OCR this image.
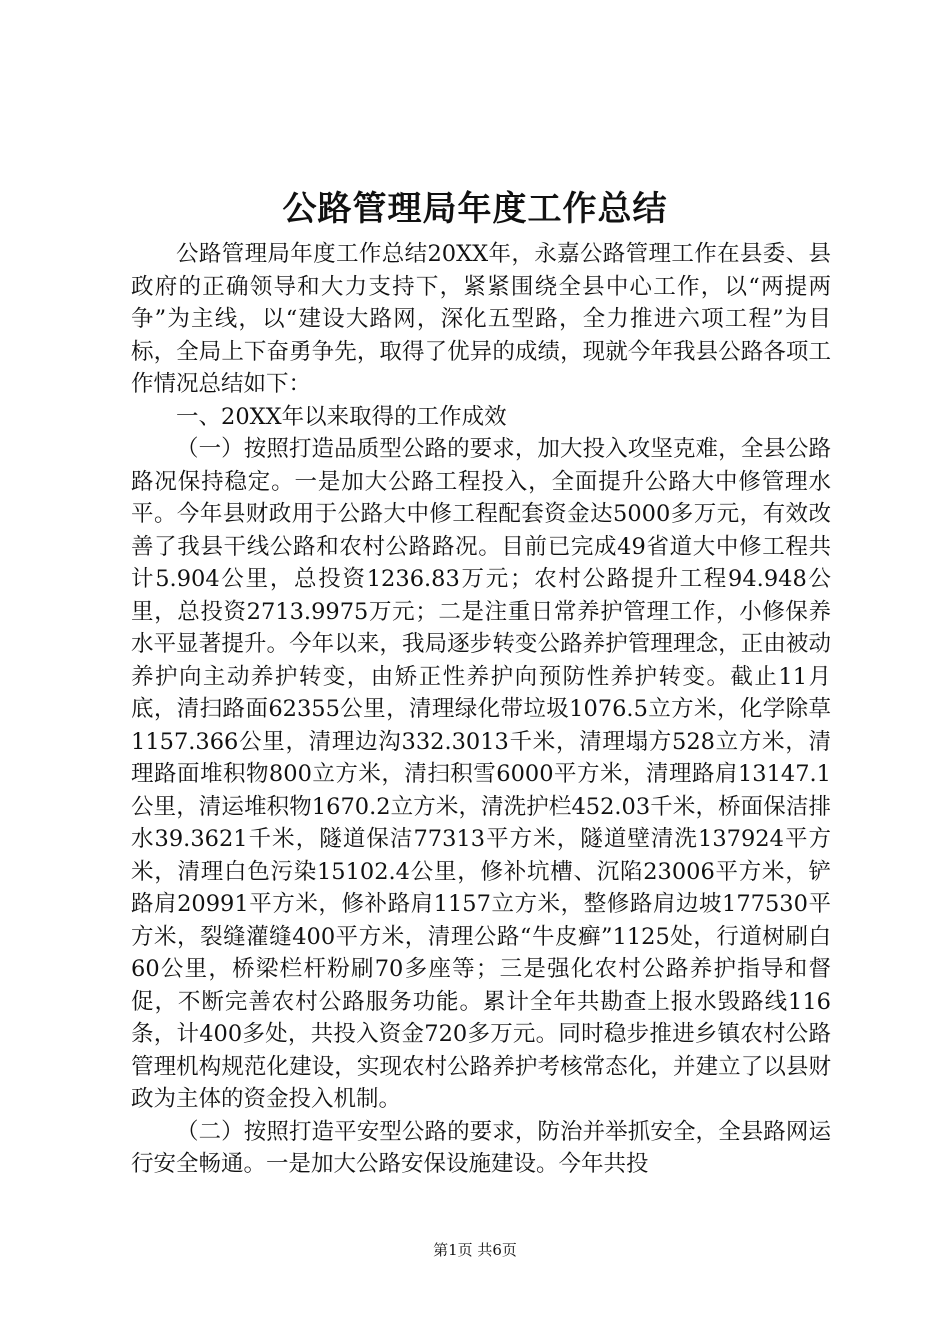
公路管理局年度工作总结

公路管理局年度工作总结20XX年，永嘉公路管理工作在县委、县政府的正确领导和大力支持下，紧紧围绕全县中心工作，以“两提两争”为主线，以“建设大路网，深化五型路，全力推进六项工程”为目标，全局上下奋勇争先，取得了优异的成绩，现就今年我县公路各项工作情况总结如下：

一、20XX年以来取得的工作成效

（一）按照打造品质型公路的要求，加大投入攻坚克难，全县公路路况保持稳定。一是加大公路工程投入，全面提升公路大中修管理水平。今年县财政用于公路大中修工程配套资金达5000多万元，有效改善了我县干线公路和农村公路路况。目前已完成49省道大中修工程共计5.904公里，总投资1236.83万元；农村公路提升工程94.948公里，总投资2713.9975万元；二是注重日常养护管理工作，小修保养水平显著提升。今年以来，我局逐步转变公路养护管理理念，正由被动养护向主动养护转变，由矫正性养护向预防性养护转变。截止11月底，清扫路面62355公里，清理绿化带垃圾1076.5立方米，化学除草1157.366公里，清理边沟332.3013千米，清理塌方528立方米，清理路面堆积物800立方米，清扫积雪6000平方米，清理路肩13147.1公里，清运堆积物1670.2立方米，清洗护栏452.03千米，桥面保洁排水39.3621千米，隧道保洁77313平方米，隧道壁清洗137924平方米，清理白色污染15102.4公里，修补坑槽、沉陷23006平方米，铲路肩20991平方米，修补路肩1157立方米，整修路肩边坡177530平方米，裂缝灌缝400平方米，清理公路“牛皮癣”1125处，行道树刷白60公里，桥梁栏杆粉刷70多座等；三是强化农村公路养护指导和督促，不断完善农村公路服务功能。累计全年共勘查上报水毁路线116条，计400多处，共投入资金720多万元。同时稳步推进乡镇农村公路管理机构规范化建设，实现农村公路养护考核常态化，并建立了以县财政为主体的资金投入机制。

（二）按照打造平安型公路的要求，防治并举抓安全，全县路网运行安全畅通。一是加大公路安保设施建设。今年共投

第1页 共6页
